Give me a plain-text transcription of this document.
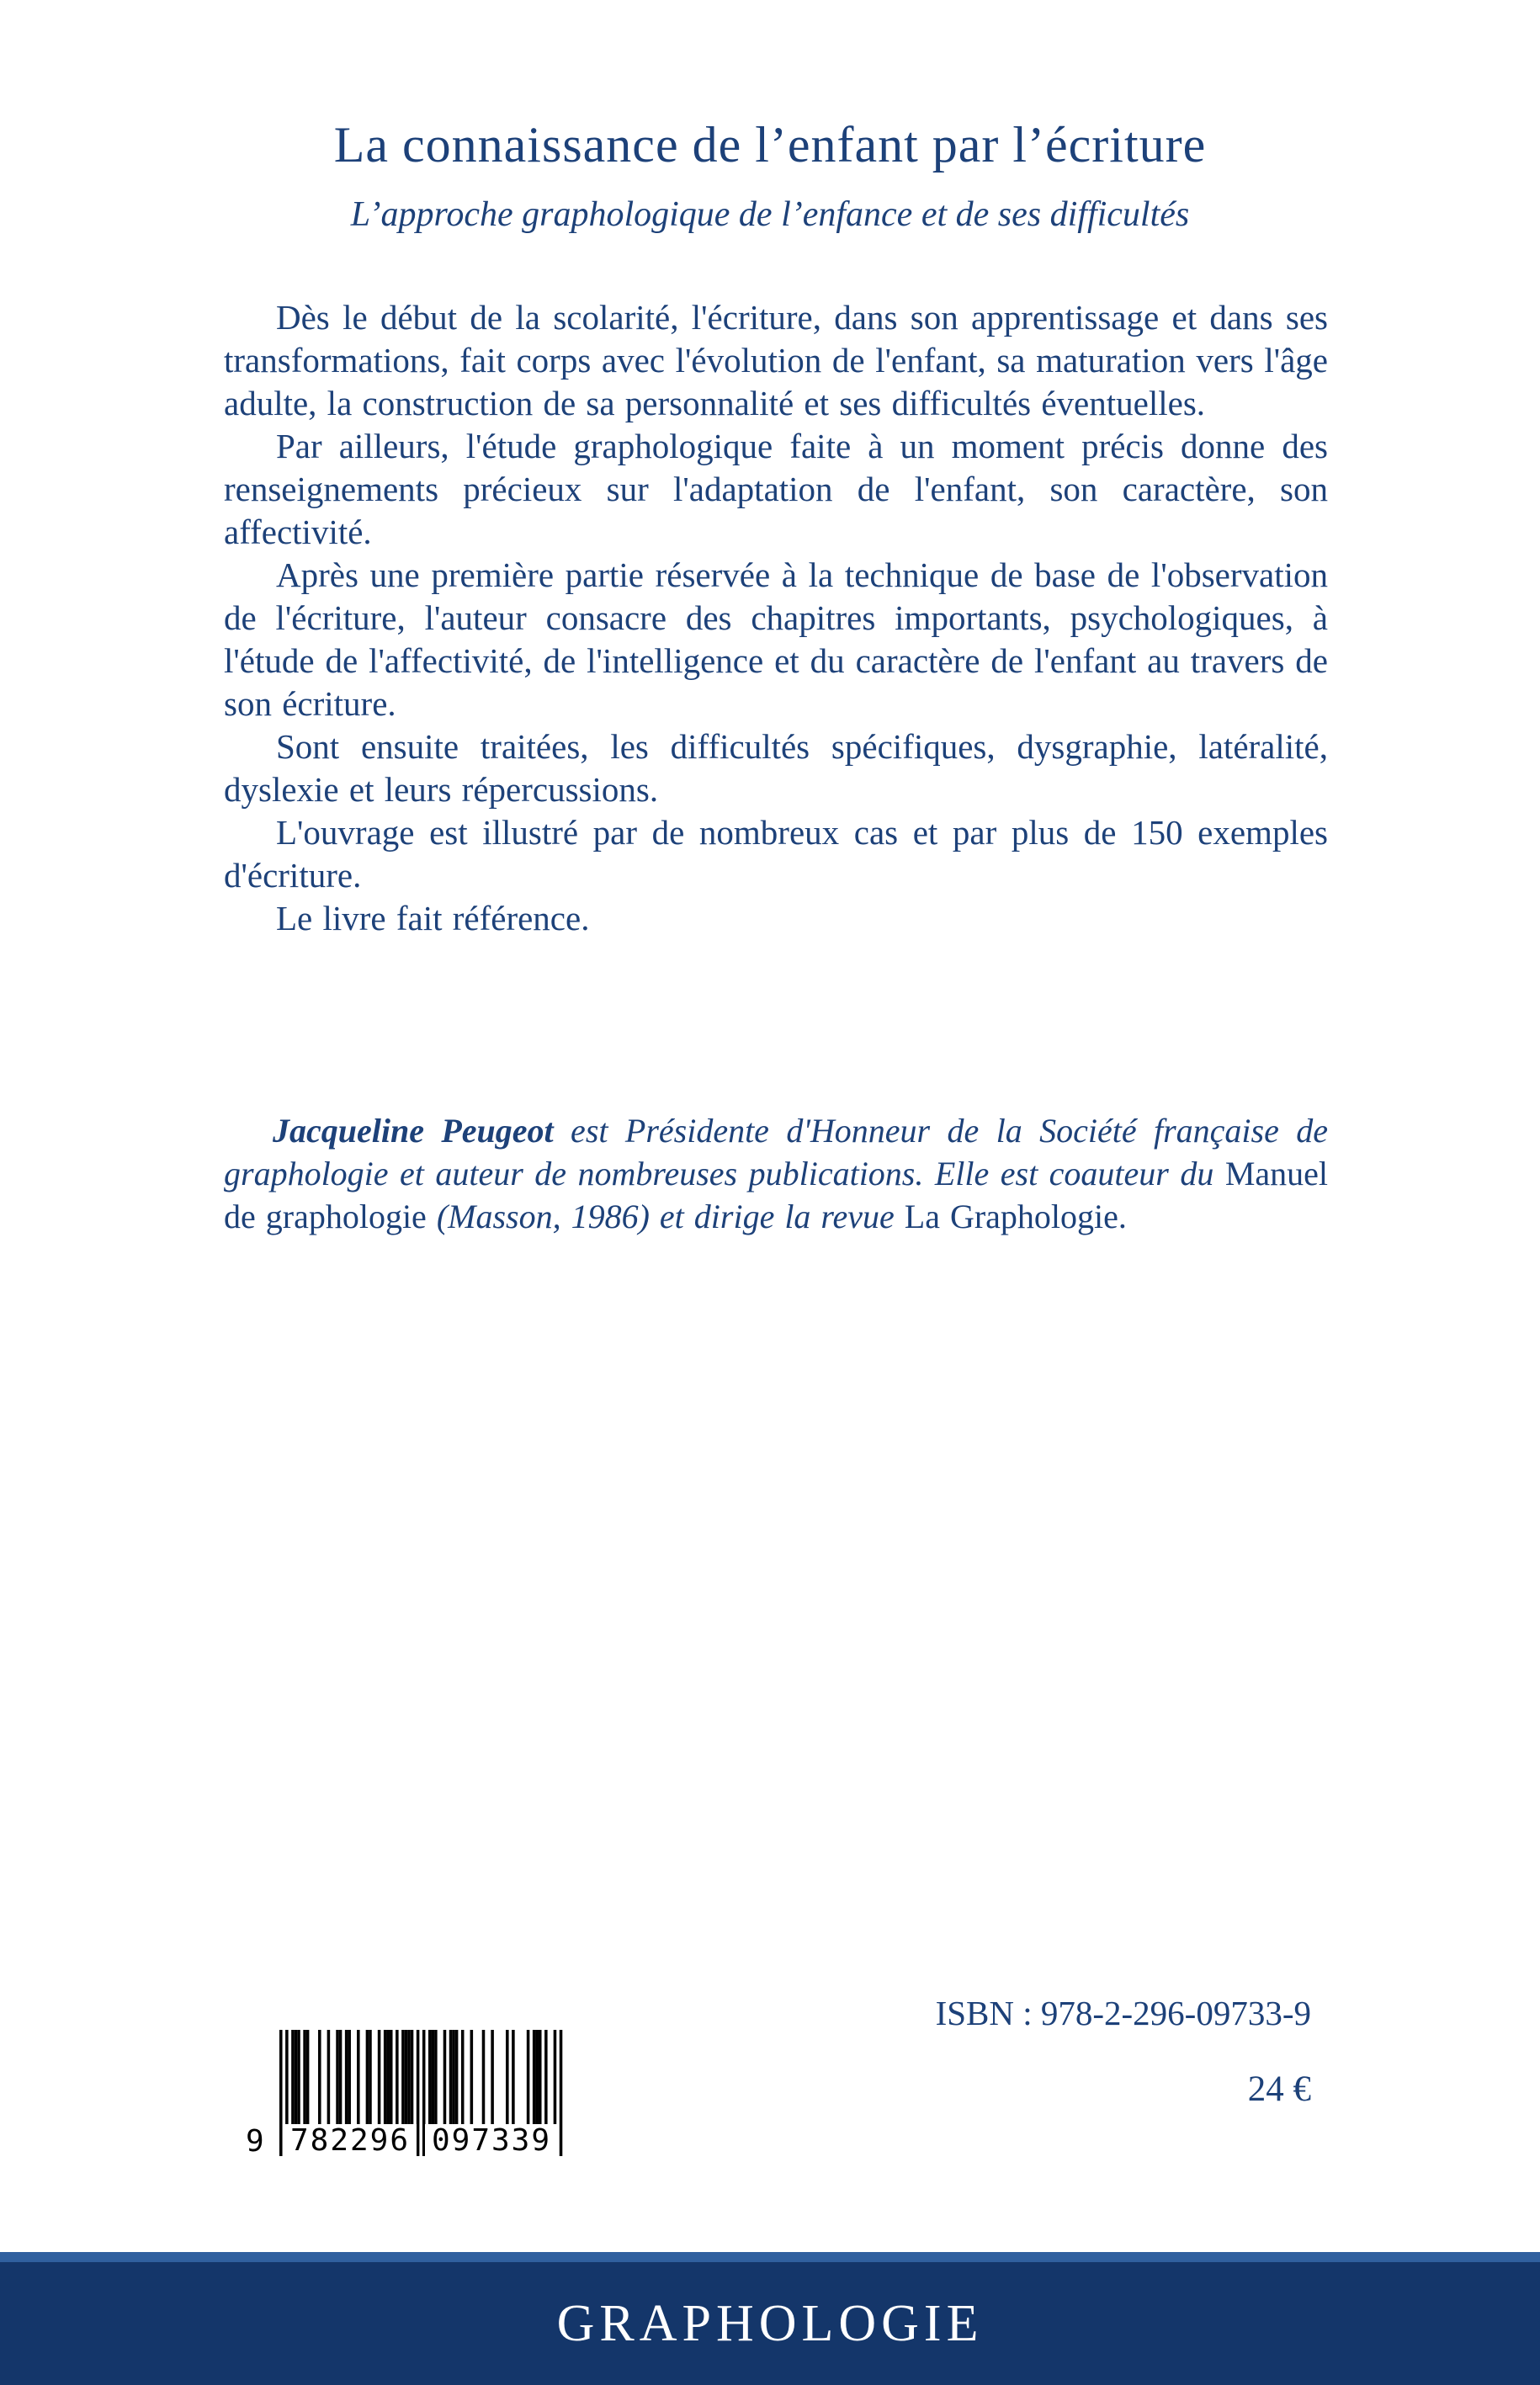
La connaissance de l’enfant par l’écriture
L’approche graphologique de l’enfance et de ses difficultés

Dès le début de la scolarité, l'écriture, dans son apprentissage et dans ses transformations, fait corps avec l'évolution de l'enfant, sa maturation vers l'âge adulte, la construction de sa personnalité et ses difficultés éventuelles.

Par ailleurs, l'étude graphologique faite à un moment précis donne des renseignements précieux sur l'adaptation de l'enfant, son caractère, son affectivité.

Après une première partie réservée à la technique de base de l'observation de l'écriture, l'auteur consacre des chapitres importants, psychologiques, à l'étude de l'affectivité, de l'intelligence et du caractère de l'enfant au travers de son écriture.

Sont ensuite traitées, les difficultés spécifiques, dysgraphie, latéralité, dyslexie et leurs répercussions.

L'ouvrage est illustré par de nombreux cas et par plus de 150 exemples d'écriture.

Le livre fait référence.

Jacqueline Peugeot est Présidente d'Honneur de la Société française de graphologie et auteur de nombreuses publications. Elle est coauteur du Manuel de graphologie (Masson, 1986) et dirige la revue La Graphologie.
9 782296 097339
ISBN : 978-2-296-09733-9
24 €
GRAPHOLOGIE
